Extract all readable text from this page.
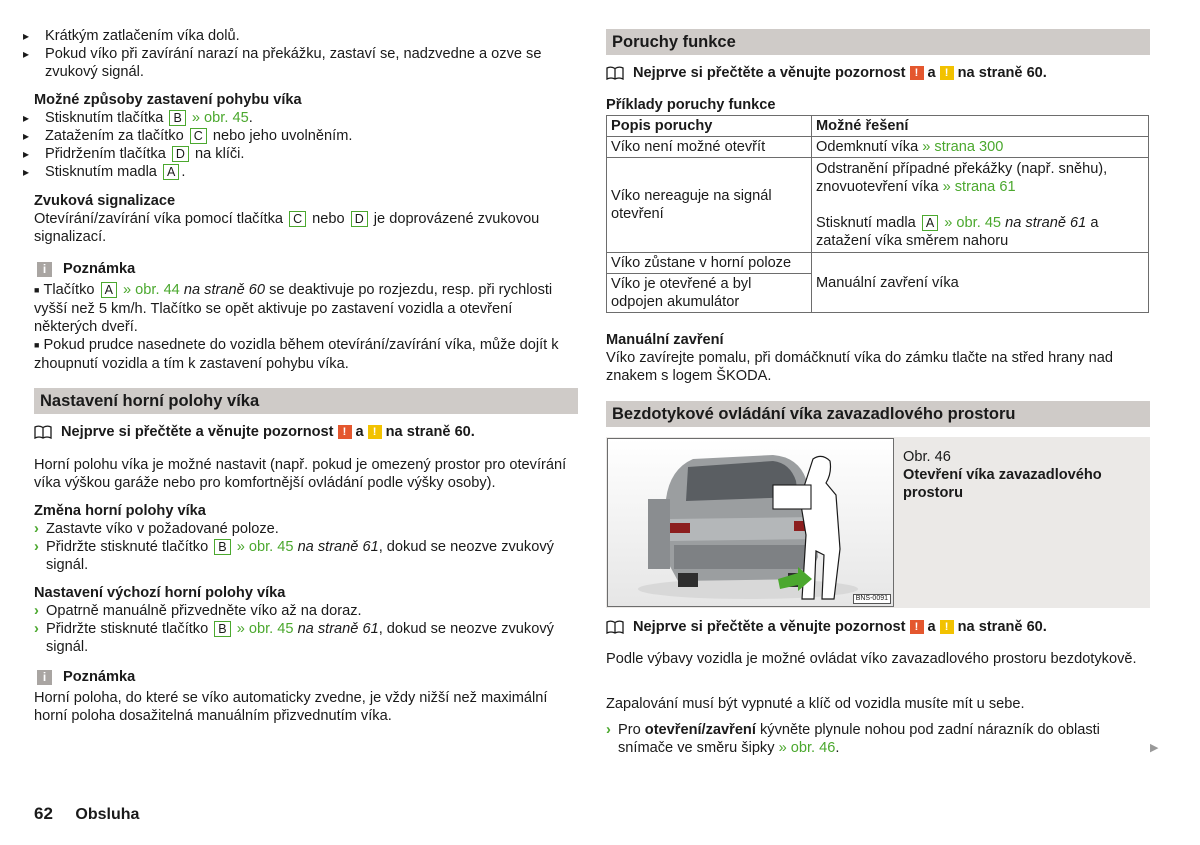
▸ Krátkým zatlačením víka dolů.

▸ Pokud víko při zavírání narazí na překážku, zastaví se, nadzvedne a ozve se zvukový signál.

Možné způsoby zastavení pohybu víka

▸ Stisknutím tlačítka B » obr. 45.

▸ Zatažením za tlačítko C nebo jeho uvolněním.

▸ Přidržením tlačítka D na klíči.

▸ Stisknutím madla A .

Zvuková signalizace

Otevírání/zavírání víka pomocí tlačítka C nebo D je doprovázené zvukovou signalizací.

i	Poznámka

■ Tlačítko A » obr. 44 na straně 60 se deaktivuje po rozjezdu, resp. při rychlosti vyšší než 5 km/h. Tlačítko se opět aktivuje po zastavení vozidla a otevření některých dveří.

■ Pokud prudce nasednete do vozidla během otevírání/zavírání víka, může dojít k zhoupnutí vozidla a tím k zastavení pohybu víka.

Nastavení horní polohy víka
Nejprve si přečtěte a věnujte pozornost ! a ! na straně 60.

Horní polohu víka je možné nastavit (např. pokud je omezený prostor pro otevírání víka výškou garáže nebo pro komfortnější ovládání podle výšky osoby).

Změna horní polohy víka

› Zastavte víko v požadované poloze.

› Přidržte stisknuté tlačítko B » obr. 45 na straně 61, dokud se neozve zvukový signál.

Nastavení výchozí horní polohy víka

› Opatrně manuálně přizvedněte víko až na doraz.

› Přidržte stisknuté tlačítko B » obr. 45 na straně 61, dokud se neozve zvukový signál.

i	Poznámka

Horní poloha, do které se víko automaticky zvedne, je vždy nižší než maximální horní poloha dosažitelná manuálním přizvednutím víka.

Poruchy funkce
Nejprve si přečtěte a věnujte pozornost ! a ! na straně 60.

Příklady poruchy funkce

Popis poruchy	Možné řešení
Víko není možné otevřít	Odemknutí víka » strana 300
Víko nereaguje na signál otevření	Odstranění případné překážky (např. sněhu), znovuotevření víka » strana 61
Stisknutí madla A » obr. 45 na straně 61 a zatažení víka směrem nahoru

Víko zůstane v horní poloze	Manuální zavření víka
Víko je otevřené a byl odpojen akumulátor	

Manuální zavření

Víko zavírejte pomalu, při domáčknutí víka do zámku tlačte na střed hrany nad znakem s logem ŠKODA.

Bezdotykové ovládání víka zavazadlového prostoru
BNS-0091

Obr. 46

Otevření víka zavazadlového prostoru

Nejprve si přečtěte a věnujte pozornost ! a ! na straně 60.

Podle výbavy vozidla je možné ovládat víko zavazadlového prostoru bezdotykově.

Zapalování musí být vypnuté a klíč od vozidla musíte mít u sebe.

› Pro otevření/zavření kývněte plynule nohou pod zadní nárazník do oblasti snímače ve směru šipky » obr. 46.	▶
62 Obsluha
